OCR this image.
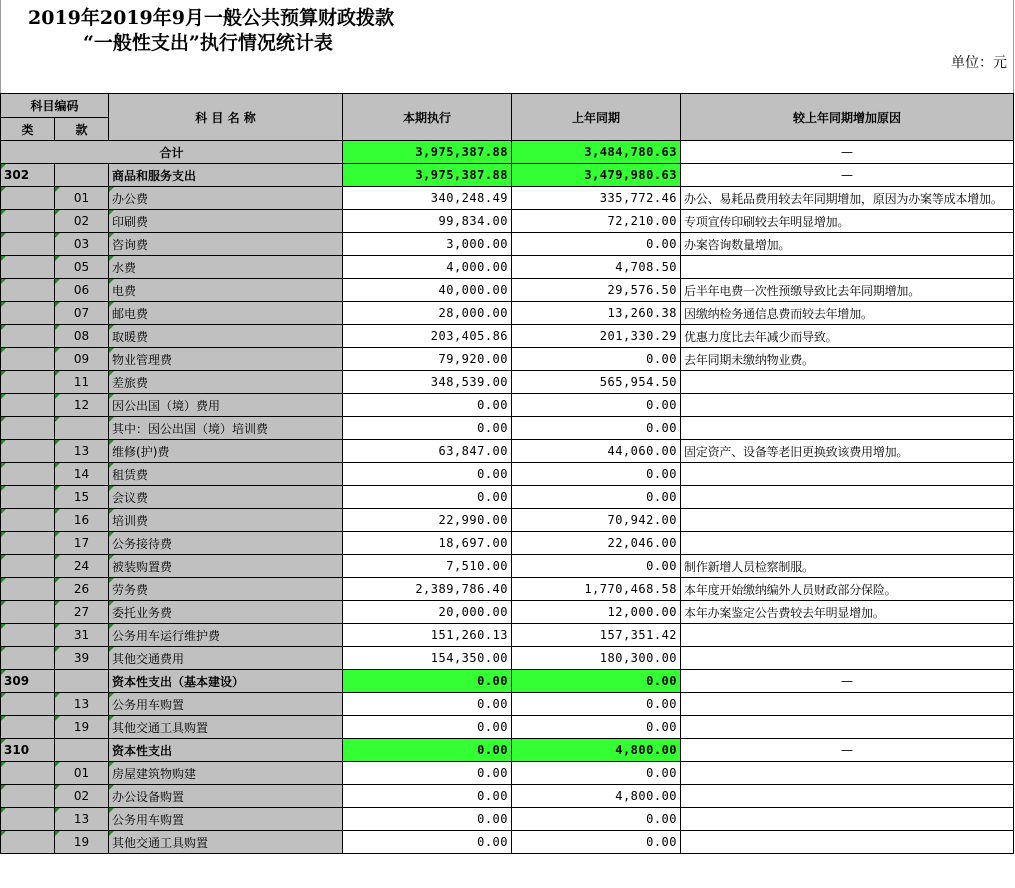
2019年2019年9月一般公共预算财政拨款
“一般性支出”执行情况统计表
单位：元
科目编码		科 目 名 称	本期执行	上年同期	较上年同期增加原因
类	款				
合计			3,975,387.88	3,484,780.63	—
302		商品和服务支出	3,975,387.88	3,479,980.63	—
	01	办公费	340,248.49	335,772.46	办公、易耗品费用较去年同期增加，原因为办案等成本增加。
	02	印刷费	99,834.00	72,210.00	专项宣传印刷较去年明显增加。
	03	咨询费	3,000.00	0.00	办案咨询数量增加。
	05	水费	4,000.00	4,708.50	
	06	电费	40,000.00	29,576.50	后半年电费一次性预缴导致比去年同期增加。
	07	邮电费	28,000.00	13,260.38	因缴纳检务通信息费而较去年增加。
	08	取暖费	203,405.86	201,330.29	优惠力度比去年减少而导致。
	09	物业管理费	79,920.00	0.00	去年同期未缴纳物业费。
	11	差旅费	348,539.00	565,954.50	
	12	因公出国（境）费用	0.00	0.00	
		其中：因公出国（境）培训费	0.00	0.00	
	13	维修(护)费	63,847.00	44,060.00	固定资产、设备等老旧更换致该费用增加。
	14	租赁费	0.00	0.00	
	15	会议费	0.00	0.00	
	16	培训费	22,990.00	70,942.00	
	17	公务接待费	18,697.00	22,046.00	
	24	被装购置费	7,510.00	0.00	制作新增人员检察制服。
	26	劳务费	2,389,786.40	1,770,468.58	本年度开始缴纳编外人员财政部分保险。
	27	委托业务费	20,000.00	12,000.00	本年办案鉴定公告费较去年明显增加。
	31	公务用车运行维护费	151,260.13	157,351.42	
	39	其他交通费用	154,350.00	180,300.00	
309		资本性支出（基本建设）	0.00	0.00	—
	13	公务用车购置	0.00	0.00	
	19	其他交通工具购置	0.00	0.00	
310		资本性支出	0.00	4,800.00	—
	01	房屋建筑物购建	0.00	0.00	
	02	办公设备购置	0.00	4,800.00	
	13	公务用车购置	0.00	0.00	
	19	其他交通工具购置	0.00	0.00	
